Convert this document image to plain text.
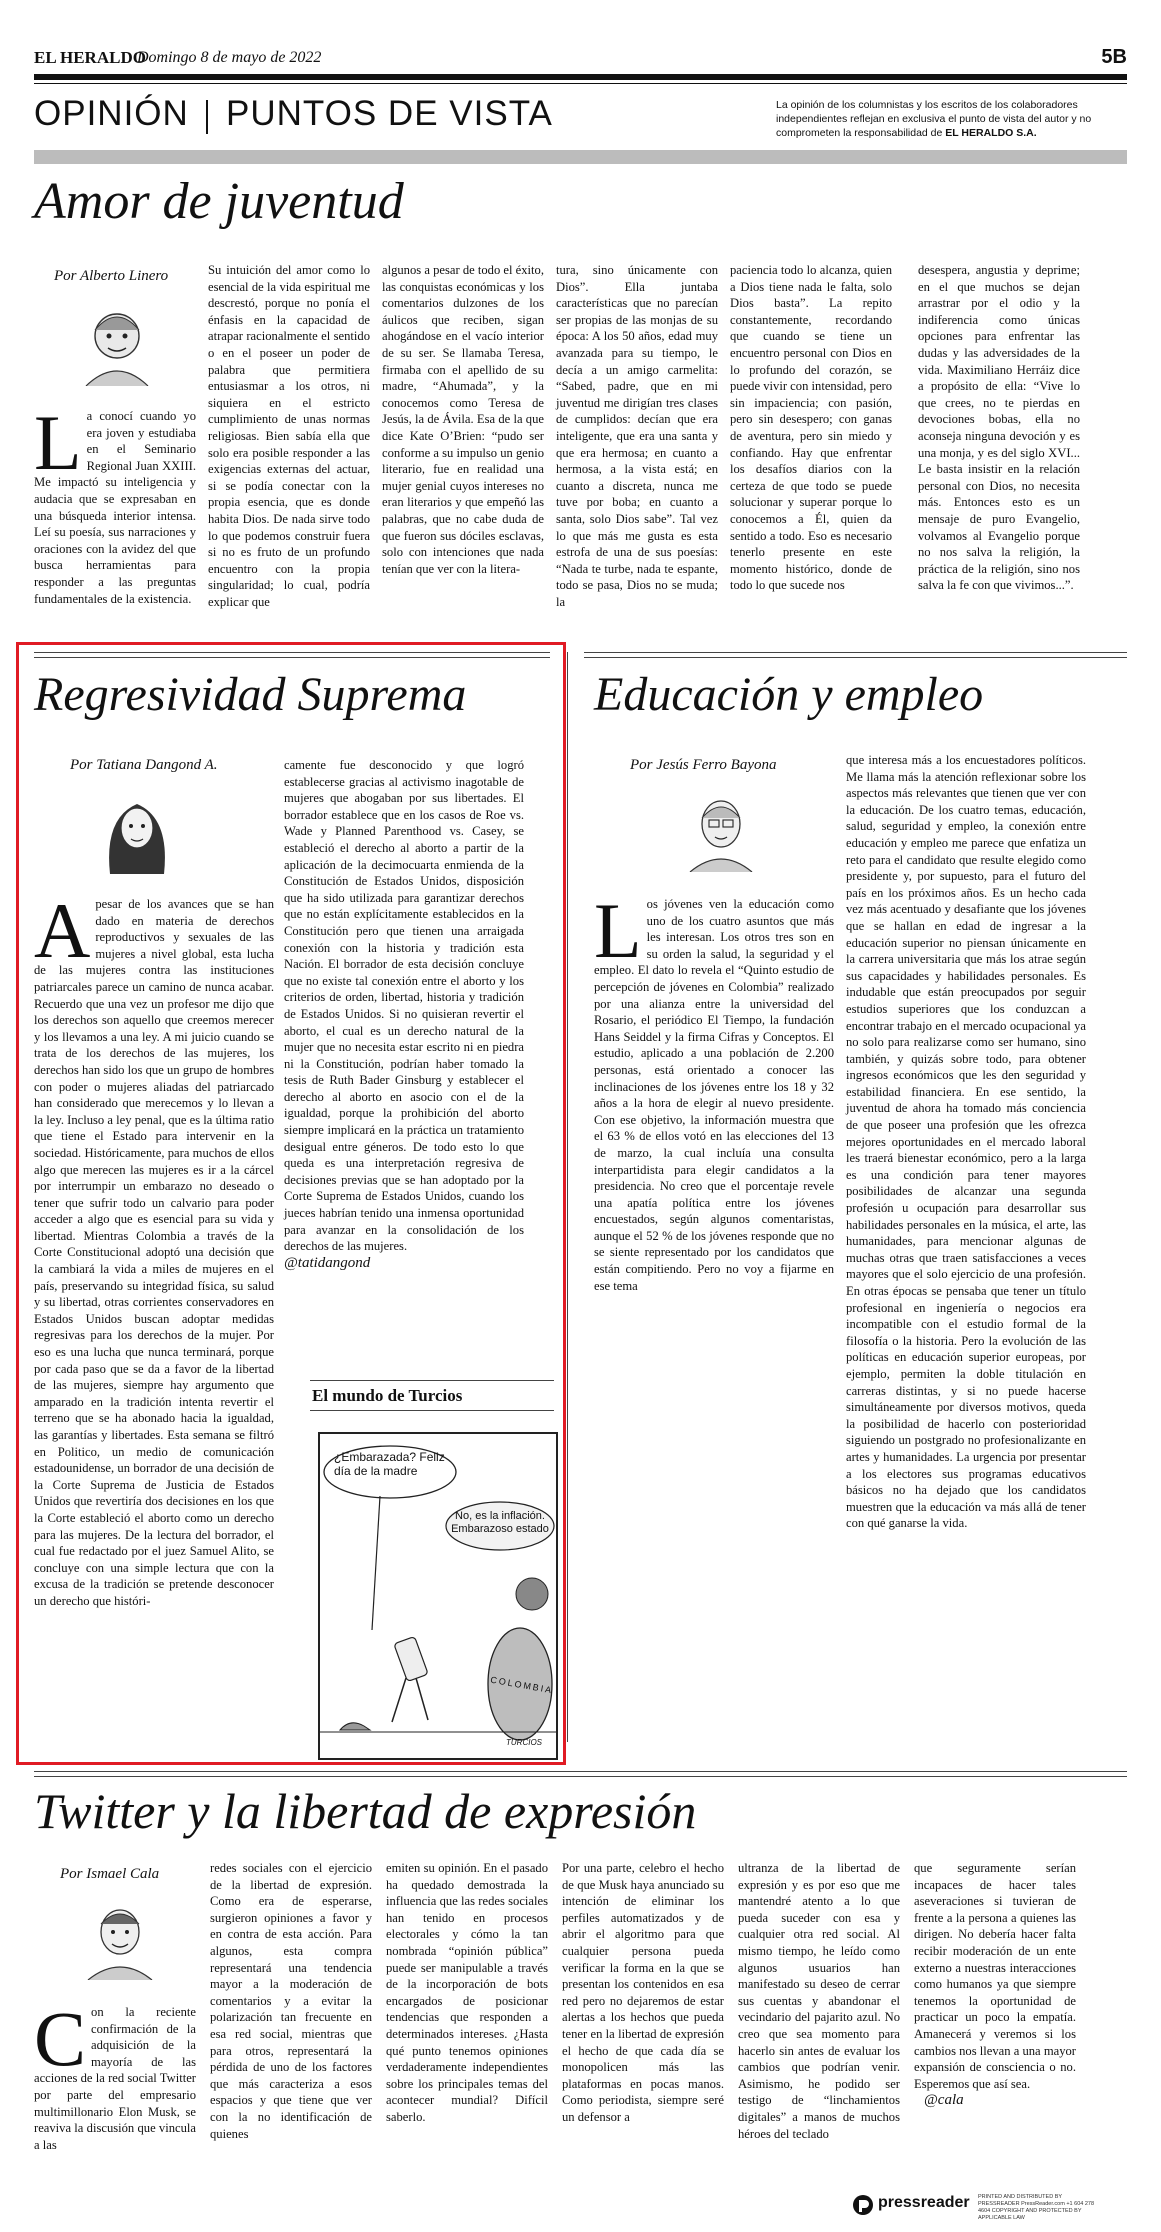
EL HERALDO
Domingo 8 de mayo de 2022	5B
OPINIÓN PUNTOS DE VISTA	La opinión de los columnistas y los escritos de los colaboradores independientes reflejan en exclusiva el punto de vista del autor y no comprometen la responsabilidad de EL HERALDO S.A.
Amor de juventud
Por Alberto Linero
L a conocí cuando yo era joven y estudiaba en el Seminario Regional Juan XXIII. Me impactó su inteligencia y audacia que se expresaban en una búsqueda interior intensa. Leí su poesía, sus narraciones y oraciones con la avidez del que busca herramientas para responder a las preguntas fundamentales de la existencia.

Su intuición del amor como lo esencial de la vida espiritual me descrestó, porque no ponía el énfasis en la capacidad de atrapar racionalmente el sentido o en el poseer un poder de palabra que permitiera entusiasmar a los otros, ni siquiera en el estricto cumplimiento de unas normas religiosas. Bien sabía ella que solo era posible responder a las exigencias externas del actuar, si se podía conectar con la propia esencia, que es donde habita Dios. De nada sirve todo lo que podemos construir fuera si no es fruto de un profundo encuentro con la propia singularidad; lo cual, podría explicar que

algunos a pesar de todo el éxito, las conquistas económicas y los comentarios dulzones de los áulicos que reciben, sigan ahogándose en el vacío interior de su ser. Se llamaba Teresa, firmaba con el apellido de su madre, “Ahumada”, y la conocemos como Teresa de Jesús, la de Ávila. Esa de la que dice Kate O’Brien: “pudo ser conforme a su impulso un genio literario, fue en realidad una mujer genial cuyos intereses no eran literarios y que empeñó las palabras, que no cabe duda de que fueron sus dóciles esclavas, solo con intenciones que nada tenían que ver con la litera-

tura, sino únicamente con Dios”. Ella juntaba características que no parecían ser propias de las monjas de su época: A los 50 años, edad muy avanzada para su tiempo, le decía a un amigo carmelita: “Sabed, padre, que en mi juventud me dirigían tres clases de cumplidos: decían que era inteligente, que era una santa y que era hermosa; en cuanto a hermosa, a la vista está; en cuanto a discreta, nunca me tuve por boba; en cuanto a santa, solo Dios sabe”. Tal vez lo que más me gusta es esta estrofa de una de sus poesías: “Nada te turbe, nada te espante, todo se pasa, Dios no se muda; la

paciencia todo lo alcanza, quien a Dios tiene nada le falta, solo Dios basta”. La repito constantemente, recordando que cuando se tiene un encuentro personal con Dios en lo profundo del corazón, se puede vivir con intensidad, pero sin impaciencia; con pasión, pero sin desespero; con ganas de aventura, pero sin miedo y confiando. Hay que enfrentar los desafíos diarios con la certeza de que todo se puede solucionar y superar porque lo conocemos a Él, quien da sentido a todo. Eso es necesario tenerlo presente en este momento histórico, donde de todo lo que sucede nos

desespera, angustia y deprime; en el que muchos se dejan arrastrar por el odio y la indiferencia como únicas opciones para enfrentar las dudas y las adversidades de la vida. Maximiliano Herráiz dice a propósito de ella: “Vive lo que crees, no te pierdas en devociones bobas, ella no aconseja ninguna devoción y es una monja, y es del siglo XVI... Le basta insistir en la relación personal con Dios, no necesita más. Entonces esto es un mensaje de puro Evangelio, volvamos al Evangelio porque no nos salva la religión, la práctica de la religión, sino nos salva la fe con que vivimos...”.

Regresividad Suprema
Por Tatiana Dangond A.
A pesar de los avances que se han dado en materia de derechos reproductivos y sexuales de las mujeres a nivel global, esta lucha de las mujeres contra las instituciones patriarcales parece un camino de nunca acabar. Recuerdo que una vez un profesor me dijo que los derechos son aquello que creemos merecer y los llevamos a una ley. A mi juicio cuando se trata de los derechos de las mujeres, los derechos han sido los que un grupo de hombres con poder o mujeres aliadas del patriarcado han considerado que merecemos y lo llevan a la ley. Incluso a ley penal, que es la última ratio que tiene el Estado para intervenir en la sociedad. Históricamente, para muchos de ellos algo que merecen las mujeres es ir a la cárcel por interrumpir un embarazo no deseado o tener que sufrir todo un calvario para poder acceder a algo que es esencial para su vida y libertad. Mientras Colombia a través de la Corte Constitucional adoptó una decisión que la cambiará la vida a miles de mujeres en el país, preservando su integridad física, su salud y su libertad, otras corrientes conservadores en Estados Unidos buscan adoptar medidas regresivas para los derechos de la mujer. Por eso es una lucha que nunca terminará, porque por cada paso que se da a favor de la libertad de las mujeres, siempre hay argumento que amparado en la tradición intenta revertir el terreno que se ha abonado hacia la igualdad, las garantías y libertades. Esta semana se filtró en Politico, un medio de comunicación estadounidense, un borrador de una decisión de la Corte Suprema de Justicia de Estados Unidos que revertiría dos decisiones en los que la Corte estableció el aborto como un derecho para las mujeres. De la lectura del borrador, el cual fue redactado por el juez Samuel Alito, se concluye con una simple lectura que con la excusa de la tradición se pretende desconocer un derecho que históri-

camente fue desconocido y que logró establecerse gracias al activismo inagotable de mujeres que abogaban por sus libertades. El borrador establece que en los casos de Roe vs. Wade y Planned Parenthood vs. Casey, se estableció el derecho al aborto a partir de la aplicación de la decimocuarta enmienda de la Constitución de Estados Unidos, disposición que ha sido utilizada para garantizar derechos que no están explícitamente establecidos en la Constitución pero que tienen una arraigada conexión con la historia y tradición esta Nación. El borrador de esta decisión concluye que no existe tal conexión entre el aborto y los criterios de orden, libertad, historia y tradición de Estados Unidos. Si no quisieran revertir el aborto, el cual es un derecho natural de la mujer que no necesita estar escrito ni en piedra ni la Constitución, podrían haber tomado la tesis de Ruth Bader Ginsburg y establecer el derecho al aborto en asocio con el de la igualdad, porque la prohibición del aborto siempre implicará en la práctica un tratamiento desigual entre géneros. De todo esto lo que queda es una interpretación regresiva de decisiones previas que se han adoptado por la Corte Suprema de Estados Unidos, cuando los jueces habrían tenido una inmensa oportunidad para avanzar en la consolidación de los derechos de las mujeres.

@tatidangond

El mundo de Turcios
¿Embarazada? Feliz día de la madre
No, es la inflación. Embarazoso estado
COLOMBIA
TURCIOS
Educación y empleo
Por Jesús Ferro Bayona
L os jóvenes ven la educación como uno de los cuatro asuntos que más les interesan. Los otros tres son en su orden la salud, la seguridad y el empleo. El dato lo revela el “Quinto estudio de percepción de jóvenes en Colombia” realizado por una alianza entre la universidad del Rosario, el periódico El Tiempo, la fundación Hans Seiddel y la firma Cifras y Conceptos. El estudio, aplicado a una población de 2.200 personas, está orientado a conocer las inclinaciones de los jóvenes entre los 18 y 32 años a la hora de elegir al nuevo presidente. Con ese objetivo, la información muestra que el 63 % de ellos votó en las elecciones del 13 de marzo, la cual incluía una consulta interpartidista para elegir candidatos a la presidencia. No creo que el porcentaje revele una apatía política entre los jóvenes encuestados, según algunos comentaristas, aunque el 52 % de los jóvenes responde que no se siente representado por los candidatos que están compitiendo. Pero no voy a fijarme en ese tema

que interesa más a los encuestadores políticos. Me llama más la atención reflexionar sobre los aspectos más relevantes que tienen que ver con la educación. De los cuatro temas, educación, salud, seguridad y empleo, la conexión entre educación y empleo me parece que enfatiza un reto para el candidato que resulte elegido como presidente y, por supuesto, para el futuro del país en los próximos años. Es un hecho cada vez más acentuado y desafiante que los jóvenes que se hallan en edad de ingresar a la educación superior no piensan únicamente en la carrera universitaria que más los atrae según sus capacidades y habilidades personales. Es indudable que están preocupados por seguir estudios superiores que los conduzcan a encontrar trabajo en el mercado ocupacional ya no solo para realizarse como ser humano, sino también, y quizás sobre todo, para obtener ingresos económicos que les den seguridad y estabilidad financiera. En ese sentido, la juventud de ahora ha tomado más conciencia de que poseer una profesión que les ofrezca mejores oportunidades en el mercado laboral les traerá bienestar económico, pero a la larga es una condición para tener mayores posibilidades de alcanzar una segunda profesión u ocupación para desarrollar sus habilidades personales en la música, el arte, las humanidades, para mencionar algunas de muchas otras que traen satisfacciones a veces mayores que el solo ejercicio de una profesión. En otras épocas se pensaba que tener un título profesional en ingeniería o negocios era incompatible con el estudio formal de la filosofía o la historia. Pero la evolución de las políticas en educación superior europeas, por ejemplo, permiten la doble titulación en carreras distintas, y si no puede hacerse simultáneamente por diversos motivos, queda la posibilidad de hacerlo con posterioridad siguiendo un postgrado no profesionalizante en artes y humanidades. La urgencia por presentar a los electores sus programas educativos básicos no ha dejado que los candidatos muestren que la educación va más allá de tener con qué ganarse la vida.

Twitter y la libertad de expresión
Por Ismael Cala
C on la reciente confirmación de la adquisición de la mayoría de las acciones de la red social Twitter por parte del empresario multimillonario Elon Musk, se reaviva la discusión que vincula a las

redes sociales con el ejercicio de la libertad de expresión. Como era de esperarse, surgieron opiniones a favor y en contra de esta acción. Para algunos, esta compra representará una tendencia mayor a la moderación de comentarios y a evitar la polarización tan frecuente en esa red social, mientras que para otros, representará la pérdida de uno de los factores que más caracteriza a esos espacios y que tiene que ver con la no identificación de quienes

emiten su opinión. En el pasado ha quedado demostrada la influencia que las redes sociales han tenido en procesos electorales y cómo la tan nombrada “opinión pública” puede ser manipulable a través de la incorporación de bots encargados de posicionar tendencias que responden a determinados intereses. ¿Hasta qué punto tenemos opiniones verdaderamente independientes sobre los principales temas del acontecer mundial? Difícil saberlo.

Por una parte, celebro el hecho de que Musk haya anunciado su intención de eliminar los perfiles automatizados y de abrir el algoritmo para que cualquier persona pueda verificar la forma en la que se presentan los contenidos en esa red pero no dejaremos de estar alertas a los hechos que pueda tener en la libertad de expresión el hecho de que cada día se monopolicen más las plataformas en pocas manos. Como periodista, siempre seré un defensor a

ultranza de la libertad de expresión y es por eso que me mantendré atento a lo que pueda suceder con esa y cualquier otra red social. Al mismo tiempo, he leído como algunos usuarios han manifestado su deseo de cerrar sus cuentas y abandonar el vecindario del pajarito azul. No creo que sea momento para hacerlo sin antes de evaluar los cambios que podrían venir. Asimismo, he podido ser testigo de “linchamientos digitales” a manos de muchos héroes del teclado

que seguramente serían incapaces de hacer tales aseveraciones si tuvieran de frente a la persona a quienes las dirigen. No debería hacer falta recibir moderación de un ente externo a nuestras interacciones como humanos ya que siempre tenemos la oportunidad de practicar un poco la empatía. Amanecerá y veremos si los cambios nos llevan a una mayor expansión de consciencia o no. Esperemos que así sea.

@cala

pressreader PRINTED AND DISTRIBUTED BY PRESSREADER PressReader.com +1 604 278 4604 COPYRIGHT AND PROTECTED BY APPLICABLE LAW
